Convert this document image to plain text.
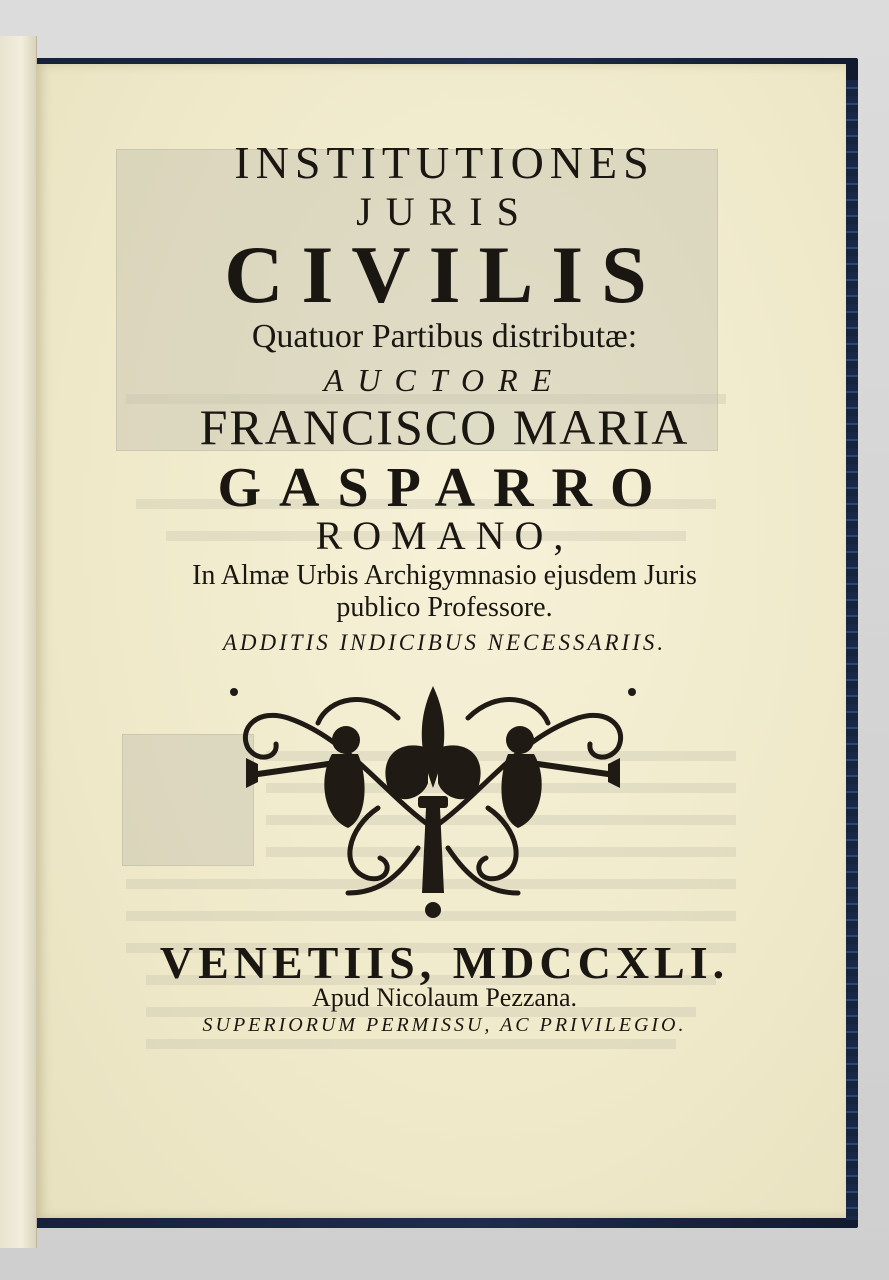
INSTITUTIONES
JURIS
CIVILIS
Quatuor Partibus distributæ:
AUCTORE
FRANCISCO MARIA
GASPARRO
ROMANO,
In Almæ Urbis Archigymnasio ejusdem Juris
publico Professore.
ADDITIS INDICIBUS NECESSARIIS.
VENETIIS, MDCCXLI.
Apud Nicolaum Pezzana.
SUPERIORUM PERMISSU, AC PRIVILEGIO.
